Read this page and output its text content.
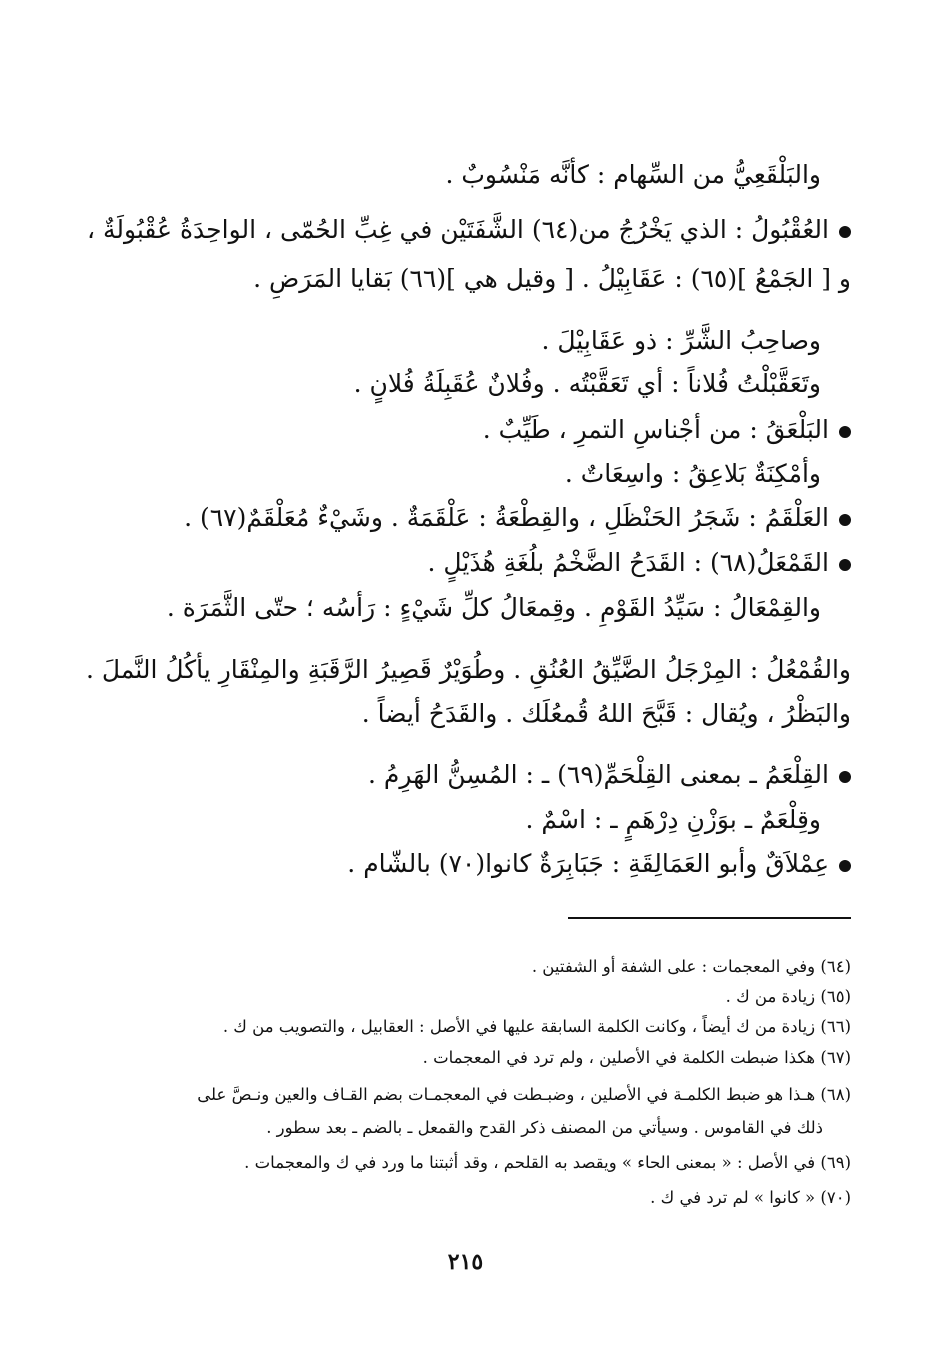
والبَلْقَعِيُّ من السِّهام : كأنَّه مَنْسُوبٌ .
العُقْبُولُ : الذي يَخْرُجُ من(٦٤) الشَّفَتَيْن في غِبِّ الحُمّى ، الواحِدَةُ عُقْبُولَةٌ ،
و [ الجَمْعُ ](٦٥) : عَقَابِيْلُ . [ وقيل هي ](٦٦) بَقايا المَرَضِ .
وصاحِبُ الشَّرِّ : ذو عَقَابِيْلَ .
وتَعَقَّبْلْتُ فُلاناً : أي تَعَقَّبْتُه . وفُلانٌ عُقَبِلَةُ فُلانٍ .
البَلْعَقُ : من أجْناسِ التمرِ ، طَيِّبٌ .
وأمْكِنَةٌ بَلاعِقُ : واسِعَاتٌ .
العَلْقَمُ : شَجَرُ الحَنْظَلِ ، والقِطْعَةُ : عَلْقَمَةٌ . وشَيْءٌ مُعَلْقَمٌ(٦٧) .
القَمْعَلُ(٦٨) : القَدَحُ الضَّخْمُ بلُغَةِ هُذَيْلٍ .
والقِمْعَالُ : سَيِّدُ القَوْمِ . وقِمعَالُ كلِّ شَيْءٍ : رَأسُه ؛ حتّى الثَّمَرَة .
والقُمْعُلُ : المِرْجَلُ الضَّيِّقُ العُنُقِ . وطُوَيْرٌ قَصِيرُ الرَّقَبَةِ والمِنْقَارِ يأكُلُ النَّملَ .
والبَظْرُ ، ويُقال : قَبَّحَ اللهُ قُمعُلَك . والقَدَحُ أيضاً .
القِلْعَمُ ـ بمعنى القِلْحَمِّ(٦٩) ـ : المُسِنُّ الهَرِمُ .
وقِلْعَمٌ ـ بوَزْنِ دِرْهَمٍ ـ : اسْمٌ .
عِمْلاَقٌ وأبو العَمَالِقَةِ : جَبَابِرَةٌ كانوا(٧٠) بالشّام .
(٦٤) وفي المعجمات : على الشفة أو الشفتين .
(٦٥) زيادة من ك .
(٦٦) زيادة من ك أيضاً ، وكانت الكلمة السابقة عليها في الأصل : العقابيل ، والتصويب من ك .
(٦٧) هكذا ضبطت الكلمة في الأصلين ، ولم ترد في المعجمات .
(٦٨) هـذا هو ضبط الكلمـة في الأصلين ، وضبـطت في المعجمـات بضم القـاف والعين ونـصَّ على
ذلك في القاموس . وسيأتي من المصنف ذكر القدح والقمعل ـ بالضم ـ بعد سطور .
(٦٩) في الأصل : « بمعنى الحاء » ويقصد به القلحم ، وقد أثبتنا ما ورد في ك والمعجمات .
(٧٠) « كانوا » لم ترد في ك .
٢١٥
